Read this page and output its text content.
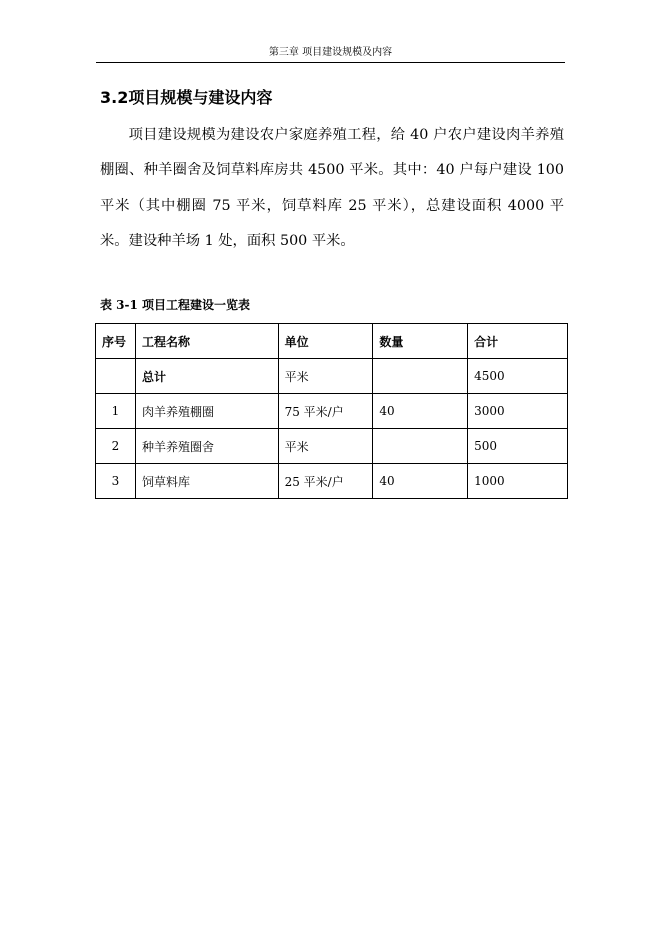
第三章 项目建设规模及内容
3.2项目规模与建设内容

项目建设规模为建设农户家庭养殖工程，给 40 户农户建设肉羊养殖棚圈、种羊圈舍及饲草料库房共 4500 平米。其中：40 户每户建设 100 平米（其中棚圈 75 平米，饲草料库 25 平米），总建设面积 4000 平米。建设种羊场 1 处，面积 500 平米。

表 3-1 项目工程建设一览表
序号	工程名称	单位	数量	合计
	总计	平米		4500
1	肉羊养殖棚圈	75 平米/户	40	3000
2	种羊养殖圈舍	平米		500
3	饲草料库	25 平米/户	40	1000
